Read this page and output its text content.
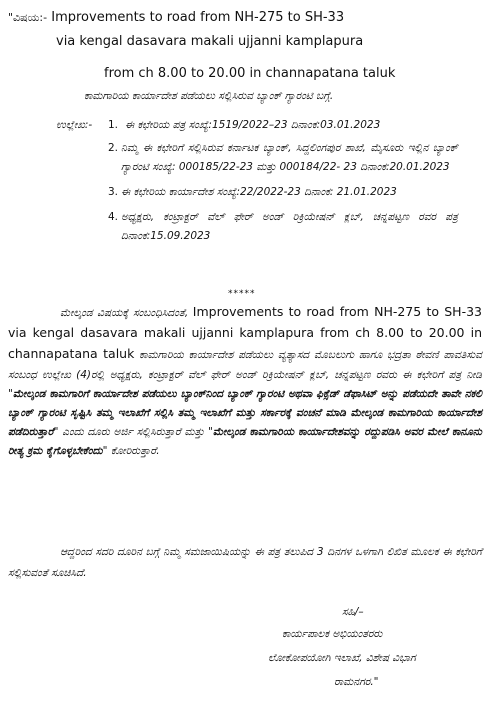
"ವಿಷಯ:- Improvements to road from NH-275 to SH-33
via kengal dasavara makali ujjanni kamplapura
from ch 8.00 to 20.00 in channapatana taluk
ಕಾಮಗಾರಿಯ ಕಾರ್ಯಾದೇಶ ಪಡೆಯಲು ಸಲ್ಲಿಸಿರುವ ಬ್ಯಾಂಕ್ ಗ್ಯಾರಂಟಿ ಬಗ್ಗೆ.
ಉಲ್ಲೇಖ:-	1. ಈ ಕಛೇರಿಯ ಪತ್ರ ಸಂಖ್ಯೆ:1519/2022–23 ದಿನಾಂಕ:03.01.2023
2. ನಿಮ್ಮ ಈ ಕಛೇರಿಗೆ ಸಲ್ಲಿಸಿರುವ ಕರ್ನಾಟಕ ಬ್ಯಾಂಕ್, ಸಿದ್ದಲಿಂಗಪುರ ಶಾಖೆ, ಮೈಸೂರು ಇಲ್ಲಿನ ಬ್ಯಾಂಕ್ ಗ್ಯಾರಂಟಿ ಸಂಖ್ಯೆ: 000185/22-23 ಮತ್ತು 000184/22- 23 ದಿನಾಂಕ:20.01.2023
3. ಈ ಕಛೇರಿಯ ಕಾರ್ಯಾದೇಶ ಸಂಖ್ಯೆ:22/2022-23 ದಿನಾಂಕ: 21.01.2023
4. ಅಧ್ಯಕ್ಷರು, ಕಂಟ್ರಾಕ್ಟರ್ ವೆಲ್ ಫೇರ್ ಅಂಡ್ ರಿಕ್ರಿಯೇಷನ್ ಕ್ಲಬ್, ಚನ್ನಪಟ್ಟಣ ರವರ ಪತ್ರ ದಿನಾಂಕ:15.09.2023
*****
ಮೇಲ್ಕಂಡ ವಿಷಯಕ್ಕೆ ಸಂಬಂಧಿಸಿದಂತೆ, Improvements to road from NH-275 to SH-33 via kengal dasavara makali ujjanni kamplapura from ch 8.00 to 20.00 in channapatana taluk ಕಾಮಗಾರಿಯ ಕಾರ್ಯಾದೇಶ ಪಡೆಯಲು ವ್ಯತ್ಯಾಸದ ಮೊಬಲುಗು ಹಾಗೂ ಭದ್ರತಾ ಠೇವಣಿ ಪಾವತಿಸುವ ಸಂಬಂಧ ಉಲ್ಲೇಖ (4)ರಲ್ಲಿ ಅಧ್ಯಕ್ಷರು, ಕಂಟ್ರಾಕ್ಟರ್ ವೆಲ್ ಫೇರ್ ಅಂಡ್ ರಿಕ್ರಿಯೇಷನ್ ಕ್ಲಬ್, ಚನ್ನಪಟ್ಟಣ ರವರು ಈ ಕಛೇರಿಗೆ ಪತ್ರ ನೀಡಿ "ಮೇಲ್ಕಂಡ ಕಾಮಗಾರಿಗೆ ಕಾರ್ಯಾದೇಶ ಪಡೆಯಲು ಬ್ಯಾಂಕ್‌ನಿಂದ ಬ್ಯಾಂಕ್ ಗ್ಯಾರಂಟಿ ಅಥವಾ ಫಿಕ್ಸೆಡ್ ಡೆಫಾಸಿಟ್ ಅನ್ನು ಪಡೆಯದೇ ತಾವೇ ನಕಲಿ ಬ್ಯಾಂಕ್ ಗ್ಯಾರಂಟಿ ಸೃಷ್ಟಿಸಿ ತಮ್ಮ ಇಲಾಖೆಗೆ ಸಲ್ಲಿಸಿ ತಮ್ಮ ಇಲಾಖೆಗೆ ಮತ್ತು ಸರ್ಕಾರಕ್ಕೆ ವಂಚನೆ ಮಾಡಿ ಮೇಲ್ಕಂಡ ಕಾಮಗಾರಿಯ ಕಾರ್ಯಾದೇಶ ಪಡೆದಿರುತ್ತಾರೆ" ಎಂದು ದೂರು ಅರ್ಜಿ ಸಲ್ಲಿಸಿರುತ್ತಾರೆ ಮತ್ತು "ಮೇಲ್ಕಂಡ ಕಾಮಗಾರಿಯ ಕಾರ್ಯಾದೇಶವನ್ನು ರದ್ದುಪಡಿಸಿ ಅವರ ಮೇಲೆ ಕಾನೂನು ರೀತ್ಯ ಕ್ರಮ ಕೈಗೊಳ್ಳಬೇಕೆಂದು" ಕೋರಿರುತ್ತಾರೆ.
ಆದ್ದರಿಂದ ಸದರಿ ದೂರಿನ ಬಗ್ಗೆ ನಿಮ್ಮ ಸಮಜಾಯಿಷಿಯನ್ನು ಈ ಪತ್ರ ತಲುಪಿದ 3 ದಿನಗಳ ಒಳಗಾಗಿ ಲಿಖಿತ ಮೂಲಕ ಈ ಕಛೇರಿಗೆ ಸಲ್ಲಿಸುವಂತೆ ಸೂಚಿಸಿದೆ.
ಸಹಿ/–
ಕಾರ್ಯಪಾಲಕ ಅಭಿಯಂತರರು
ಲೋಕೋಪಯೋಗಿ ಇಲಾಖೆ, ವಿಶೇಷ ವಿಭಾಗ
ರಾಮನಗರ."
